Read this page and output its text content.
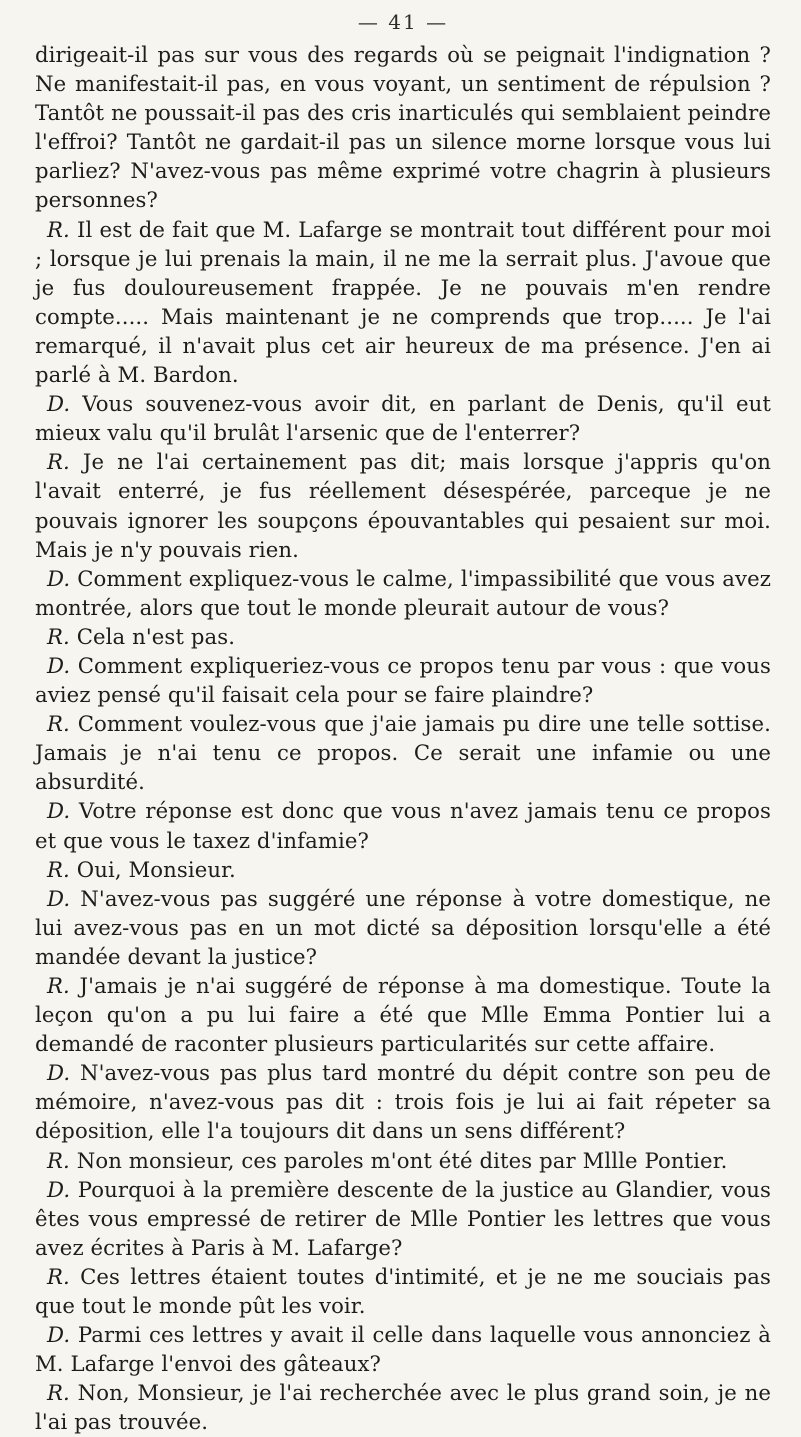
— 41 —

dirigeait-il pas sur vous des regards où se peignait l'indignation ? Ne manifestait-il pas, en vous voyant, un sentiment de répulsion ? Tantôt ne poussait-il pas des cris inarticulés qui semblaient peindre l'effroi? Tantôt ne gardait-il pas un silence morne lorsque vous lui parliez? N'avez-vous pas même exprimé votre chagrin à plusieurs personnes?

R. Il est de fait que M. Lafarge se montrait tout différent pour moi ; lorsque je lui prenais la main, il ne me la serrait plus. J'avoue que je fus douloureusement frappée. Je ne pouvais m'en rendre compte..... Mais maintenant je ne comprends que trop..... Je l'ai remarqué, il n'avait plus cet air heureux de ma présence. J'en ai parlé à M. Bardon.

D. Vous souvenez-vous avoir dit, en parlant de Denis, qu'il eut mieux valu qu'il brulât l'arsenic que de l'enterrer?

R. Je ne l'ai certainement pas dit; mais lorsque j'appris qu'on l'avait enterré, je fus réellement désespérée, parceque je ne pouvais ignorer les soupçons épouvantables qui pesaient sur moi. Mais je n'y pouvais rien.

D. Comment expliquez-vous le calme, l'impassibilité que vous avez montrée, alors que tout le monde pleurait autour de vous?

R. Cela n'est pas.

D. Comment expliqueriez-vous ce propos tenu par vous : que vous aviez pensé qu'il faisait cela pour se faire plaindre?

R. Comment voulez-vous que j'aie jamais pu dire une telle sottise. Jamais je n'ai tenu ce propos. Ce serait une infamie ou une absurdité.

D. Votre réponse est donc que vous n'avez jamais tenu ce propos et que vous le taxez d'infamie?

R. Oui, Monsieur.

D. N'avez-vous pas suggéré une réponse à votre domestique, ne lui avez-vous pas en un mot dicté sa déposition lorsqu'elle a été mandée devant la justice?

R. J'amais je n'ai suggéré de réponse à ma domestique. Toute la leçon qu'on a pu lui faire a été que Mlle Emma Pontier lui a demandé de raconter plusieurs particularités sur cette affaire.

D. N'avez-vous pas plus tard montré du dépit contre son peu de mémoire, n'avez-vous pas dit : trois fois je lui ai fait répeter sa déposition, elle l'a toujours dit dans un sens différent?

R. Non monsieur, ces paroles m'ont été dites par Mllle Pontier.

D. Pourquoi à la première descente de la justice au Glandier, vous êtes vous empressé de retirer de Mlle Pontier les lettres que vous avez écrites à Paris à M. Lafarge?

R. Ces lettres étaient toutes d'intimité, et je ne me souciais pas que tout le monde pût les voir.

D. Parmi ces lettres y avait il celle dans laquelle vous annonciez à M. Lafarge l'envoi des gâteaux?

R. Non, Monsieur, je l'ai recherchée avec le plus grand soin, je ne l'ai pas trouvée.
